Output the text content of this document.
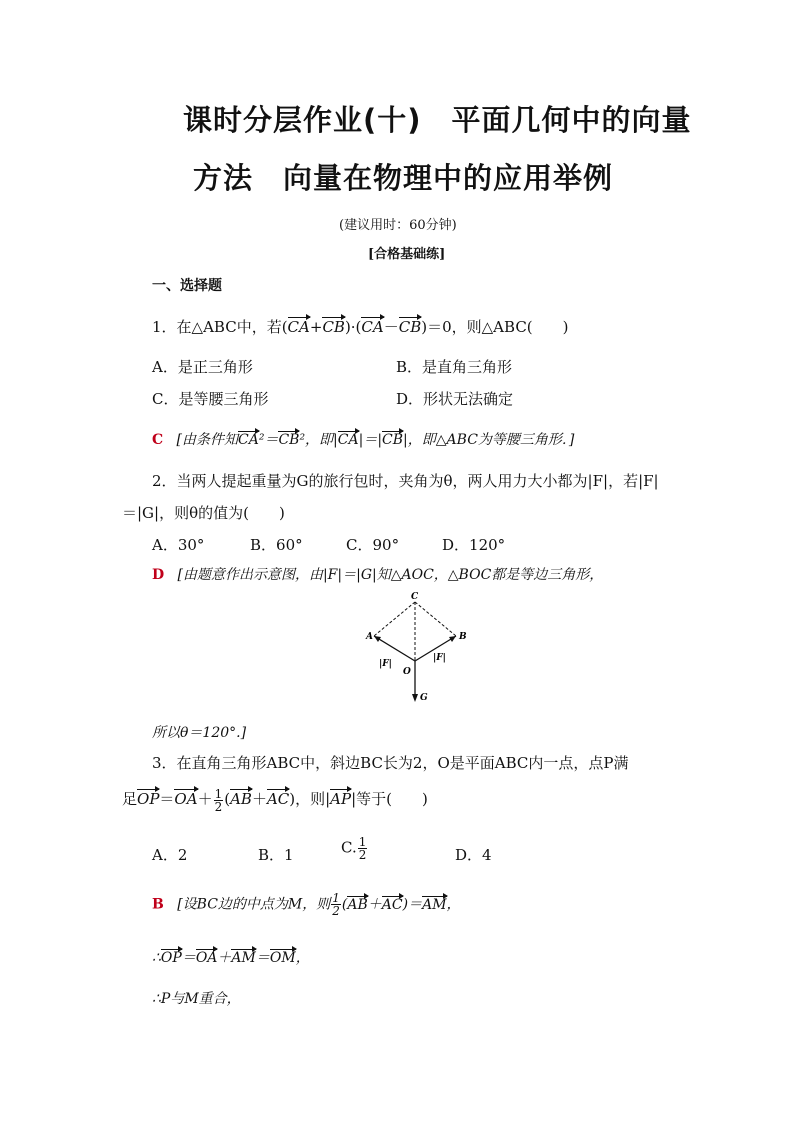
课时分层作业(十)　平面几何中的向量
方法　向量在物理中的应用举例
(建议用时：60分钟)
[合格基础练]
一、选择题
1．在△ABC中，若(CA+CB)·(CA－CB)＝0，则△ABC(　　)
A．是正三角形	B．是直角三角形
C．是等腰三角形	D．形状无法确定
C [由条件知CA²＝CB²，即|CA|＝|CB|，即△ABC为等腰三角形．]
2．当两人提起重量为G的旅行包时，夹角为θ，两人用力大小都为|F|，若|F|
＝|G|，则θ的值为(　　)
A．30°	B．60°	C．90°	D．120°
D [由题意作出示意图，由|F|＝|G|知△AOC，△BOC都是等边三角形，
C
A	B
O
G
|F|
|F|
所以θ＝120°.]
3．在直角三角形ABC中，斜边BC长为2，O是平面ABC内一点，点P满
足$OP=OA+ \frac{1}{2} (AB+AC)$，则|AP|等于(　　)
A．2	B．1	C. $\frac{1}{2}$	D．4
B [设BC边的中点为M，则 $\frac{1}{2} (AB+AC)=AM$，
∴OP＝OA＋AM＝OM，
∴P与M重合，
